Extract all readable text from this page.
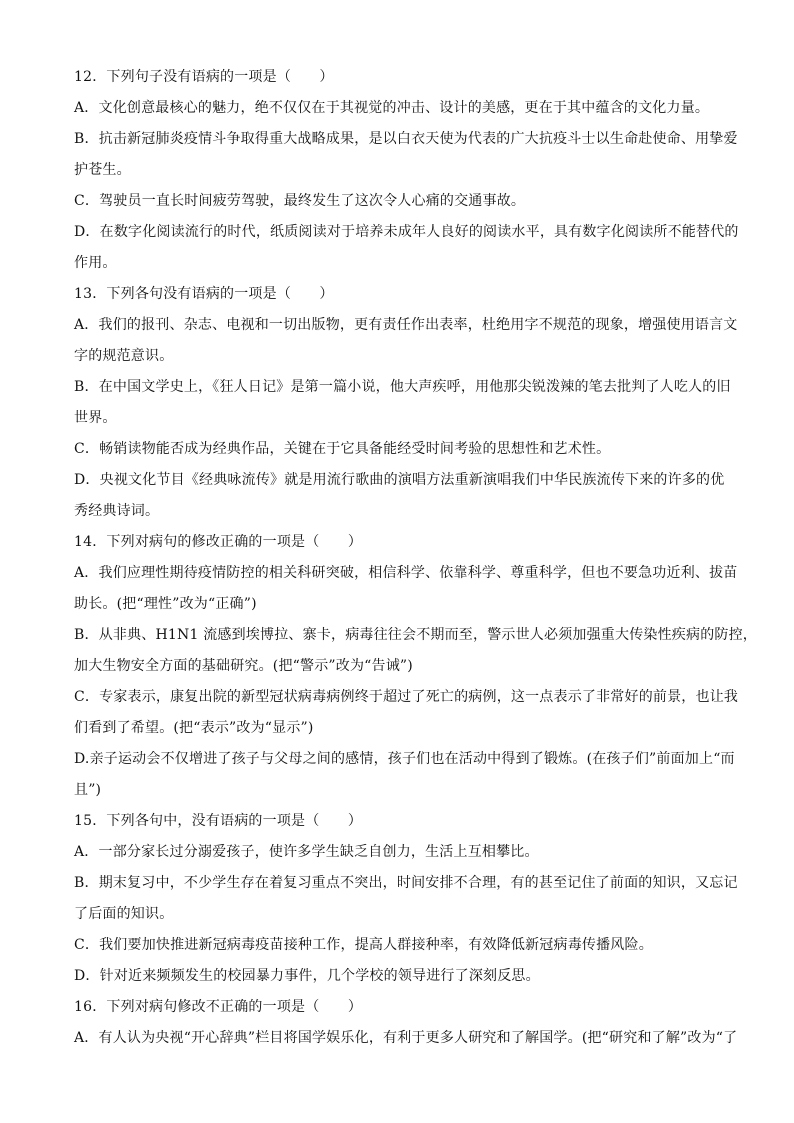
12．下列句子没有语病的一项是（　　）
A．文化创意最核心的魅力，绝不仅仅在于其视觉的冲击、设计的美感，更在于其中蕴含的文化力量。
B．抗击新冠肺炎疫情斗争取得重大战略成果，是以白衣天使为代表的广大抗疫斗士以生命赴使命、用挚爱
护苍生。
C．驾驶员一直长时间疲劳驾驶，最终发生了这次令人心痛的交通事故。
D．在数字化阅读流行的时代，纸质阅读对于培养未成年人良好的阅读水平，具有数字化阅读所不能替代的
作用。
13．下列各句没有语病的一项是（　　）
A．我们的报刊、杂志、电视和一切出版物，更有责任作出表率，杜绝用字不规范的现象，增强使用语言文
字的规范意识。
B．在中国文学史上，《狂人日记》是第一篇小说，他大声疾呼，用他那尖锐泼辣的笔去批判了人吃人的旧
世界。
C．畅销读物能否成为经典作品，关键在于它具备能经受时间考验的思想性和艺术性。
D．央视文化节目《经典咏流传》就是用流行歌曲的演唱方法重新演唱我们中华民族流传下来的许多的优
秀经典诗词。
14．下列对病句的修改正确的一项是（　　）
A．我们应理性期待疫情防控的相关科研突破，相信科学、依靠科学、尊重科学，但也不要急功近利、拔苗
助长。(把“理性”改为“正确”)
B．从非典、H1N1 流感到埃博拉、寨卡，病毒往往会不期而至，警示世人必须加强重大传染性疾病的防控，
加大生物安全方面的基础研究。(把“警示”改为“告诫”)
C．专家表示，康复出院的新型冠状病毒病例终于超过了死亡的病例，这一点表示了非常好的前景，也让我
们看到了希望。(把“表示”改为“显示”)
D.亲子运动会不仅增进了孩子与父母之间的感情，孩子们也在活动中得到了锻炼。(在孩子们”前面加上“而
且”)
15．下列各句中，没有语病的一项是（　　）
A．一部分家长过分溺爱孩子，使许多学生缺乏自创力，生活上互相攀比。
B．期末复习中，不少学生存在着复习重点不突出，时间安排不合理，有的甚至记住了前面的知识，又忘记
了后面的知识。
C．我们要加快推进新冠病毒疫苗接种工作，提高人群接种率，有效降低新冠病毒传播风险。
D．针对近来频频发生的校园暴力事件，几个学校的领导进行了深刻反思。
16．下列对病句修改不正确的一项是（　　）
A．有人认为央视“开心辞典”栏目将国学娱乐化，有利于更多人研究和了解国学。(把“研究和了解”改为“了
